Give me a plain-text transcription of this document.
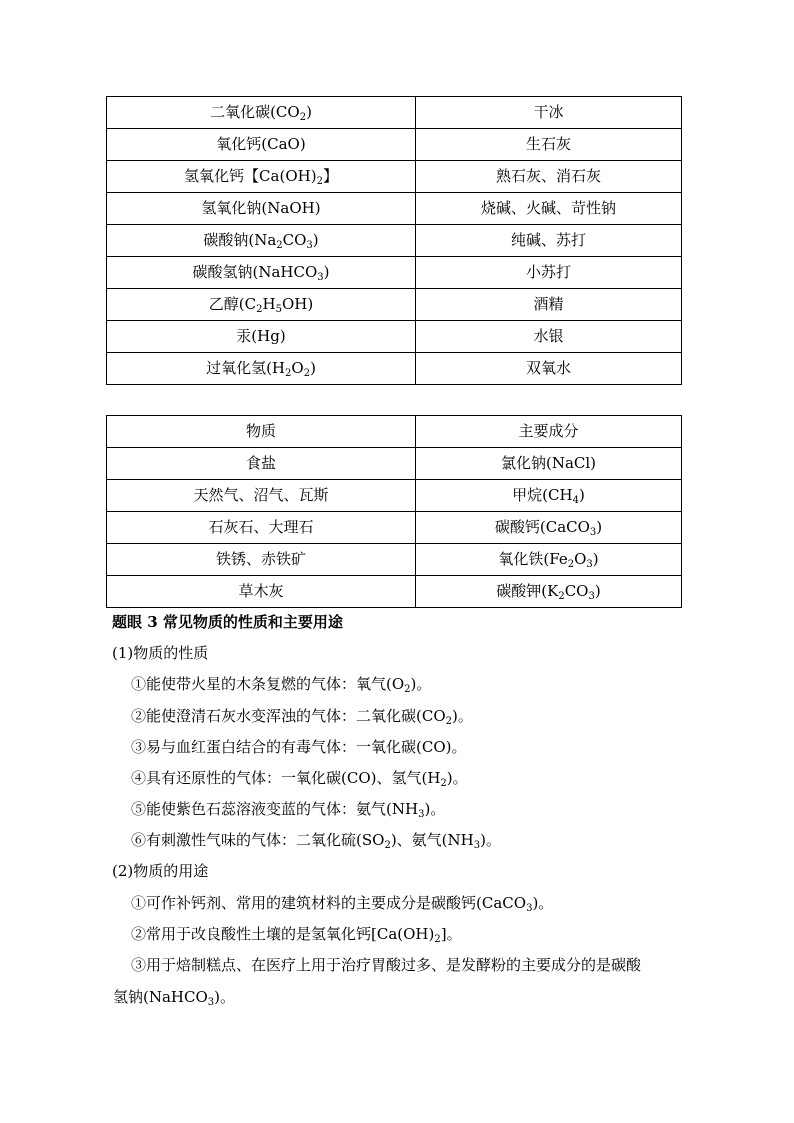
二氧化碳$(CO_2)$	干冰
氧化钙(CaO)	生石灰
氢氧化钙【$Ca(OH)_2$】	熟石灰、消石灰
氢氧化钠(NaOH)	烧碱、火碱、苛性钠
碳酸钠$(Na_2CO_3)$	纯碱、苏打
碳酸氢钠(NaHCO$_3$)	小苏打
乙醇$(C_2H_5OH)$	酒精
汞(Hg)	水银
过氧化氢$(H_2O_2)$	双氧水
物质	主要成分
食盐	氯化钠(NaCl)
天然气、沼气、瓦斯	甲烷$(CH_4)$
石灰石、大理石	碳酸钙(CaCO$_3$)
铁锈、赤铁矿	氧化铁$(Fe_2O_3)$
草木灰	碳酸钾$(K_2CO_3)$
题眼 3 常见物质的性质和主要用途
(1)物质的性质
①能使带火星的木条复燃的气体：氧气$(O_2)$。
②能使澄清石灰水变浑浊的气体：二氧化碳$(CO_2)$。
③易与血红蛋白结合的有毒气体：一氧化碳(CO)。
④具有还原性的气体：一氧化碳(CO)、氢气$(H_2)$。
⑤能使紫色石蕊溶液变蓝的气体：氨气$(NH_3)$。
⑥有刺激性气味的气体：二氧化硫$(SO_2)$、氨气$(NH_3)$。
(2)物质的用途
①可作补钙剂、常用的建筑材料的主要成分是碳酸钙(CaCO$_3$)。
②常用于改良酸性土壤的是氢氧化钙$[Ca(OH)_2]$。
③用于焙制糕点、在医疗上用于治疗胃酸过多、是发酵粉的主要成分的是碳酸
氢钠(NaHCO$_3$)。
